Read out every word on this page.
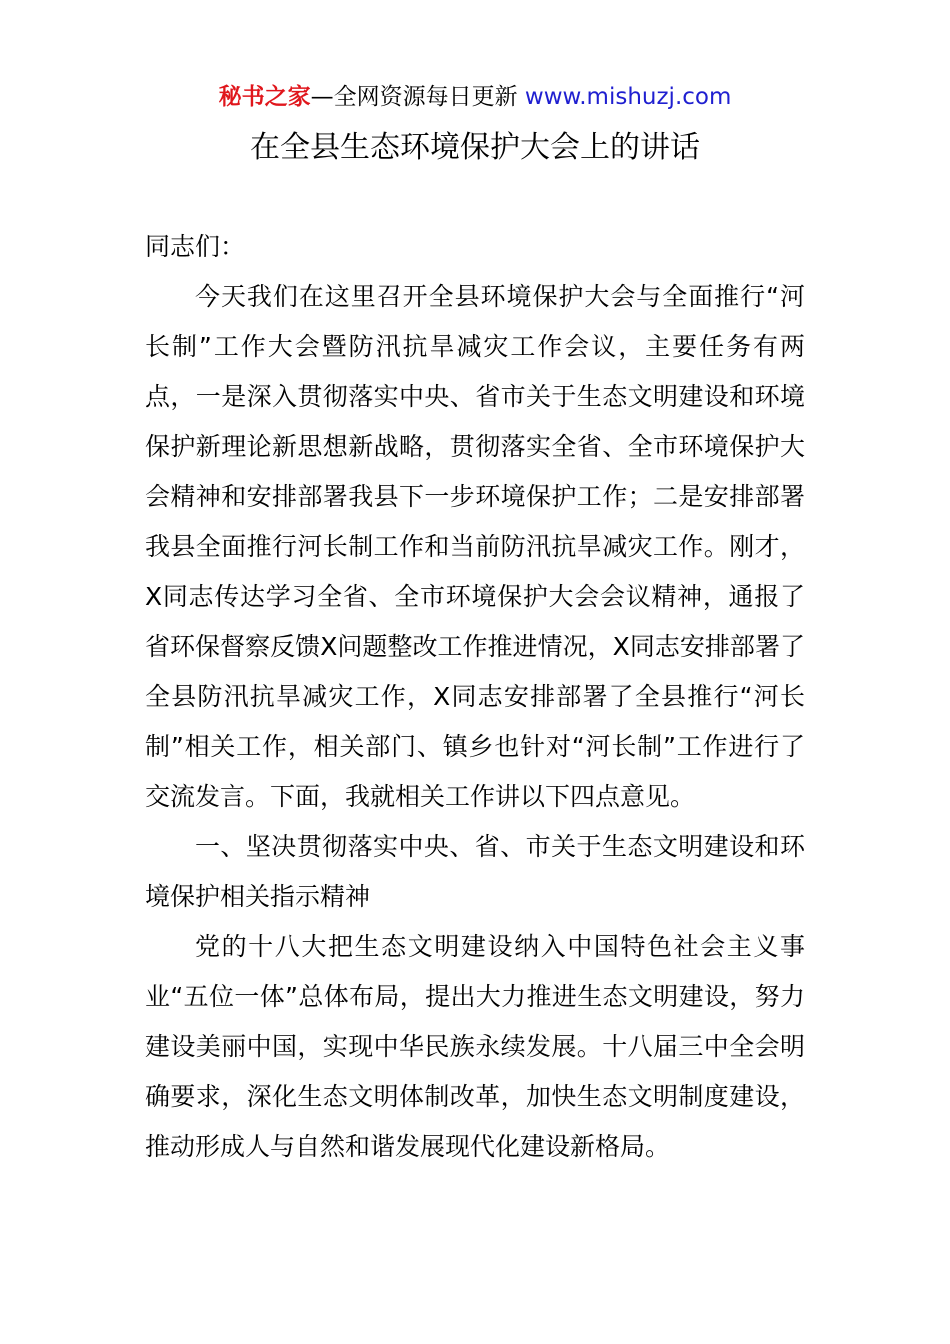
秘书之家—全网资源每日更新 www.mishuzj.com
在全县生态环境保护大会上的讲话

同志们：

今天我们在这里召开全县环境保护大会与全面推行“河长制”工作大会暨防汛抗旱减灾工作会议，主要任务有两点，一是深入贯彻落实中央、省市关于生态文明建设和环境保护新理论新思想新战略，贯彻落实全省、全市环境保护大会精神和安排部署我县下一步环境保护工作；二是安排部署我县全面推行河长制工作和当前防汛抗旱减灾工作。刚才，X同志传达学习全省、全市环境保护大会会议精神，通报了省环保督察反馈X问题整改工作推进情况，X同志安排部署了全县防汛抗旱减灾工作，X同志安排部署了全县推行“河长制”相关工作，相关部门、镇乡也针对“河长制”工作进行了交流发言。下面，我就相关工作讲以下四点意见。

一、坚决贯彻落实中央、省、市关于生态文明建设和环境保护相关指示精神

党的十八大把生态文明建设纳入中国特色社会主义事业“五位一体”总体布局，提出大力推进生态文明建设，努力建设美丽中国，实现中华民族永续发展。十八届三中全会明确要求，深化生态文明体制改革，加快生态文明制度建设，推动形成人与自然和谐发展现代化建设新格局。
